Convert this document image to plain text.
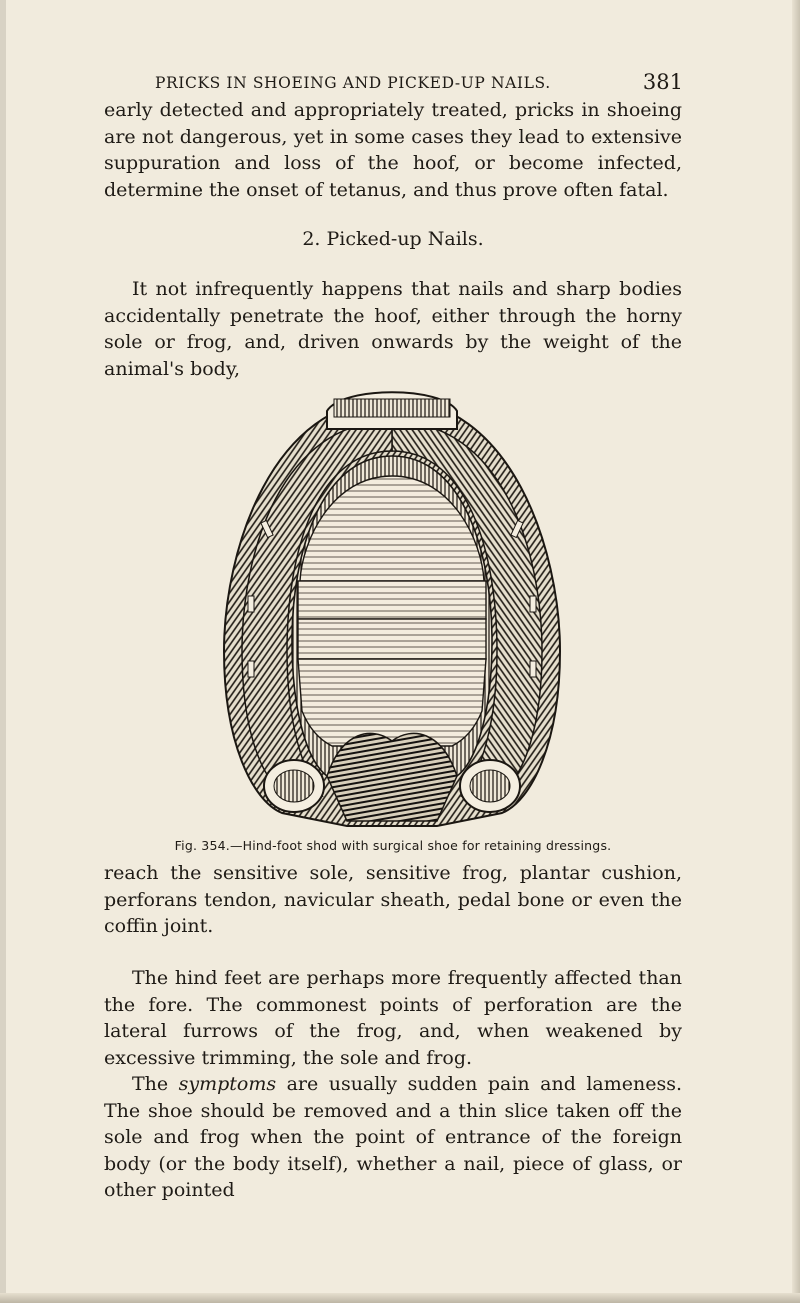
PRICKS IN SHOEING AND PICKED-UP NAILS.	381

early detected and appropriately treated, pricks in shoeing are not dangerous, yet in some cases they lead to extensive suppuration and loss of the hoof, or become infected, determine the onset of tetanus, and thus prove often fatal.

2. Picked-up Nails.

It not infrequently happens that nails and sharp bodies accidentally penetrate the hoof, either through the horny sole or frog, and, driven onwards by the weight of the animal's body,

Fig. 354.—Hind-foot shod with surgical shoe for retaining dressings.

reach the sensitive sole, sensitive frog, plantar cushion, perforans tendon, navicular sheath, pedal bone or even the coffin joint.

The hind feet are perhaps more frequently affected than the fore. The commonest points of perforation are the lateral furrows of the frog, and, when weakened by excessive trimming, the sole and frog.

The symptoms are usually sudden pain and lameness. The shoe should be removed and a thin slice taken off the sole and frog when the point of entrance of the foreign body (or the body itself), whether a nail, piece of glass, or other pointed
